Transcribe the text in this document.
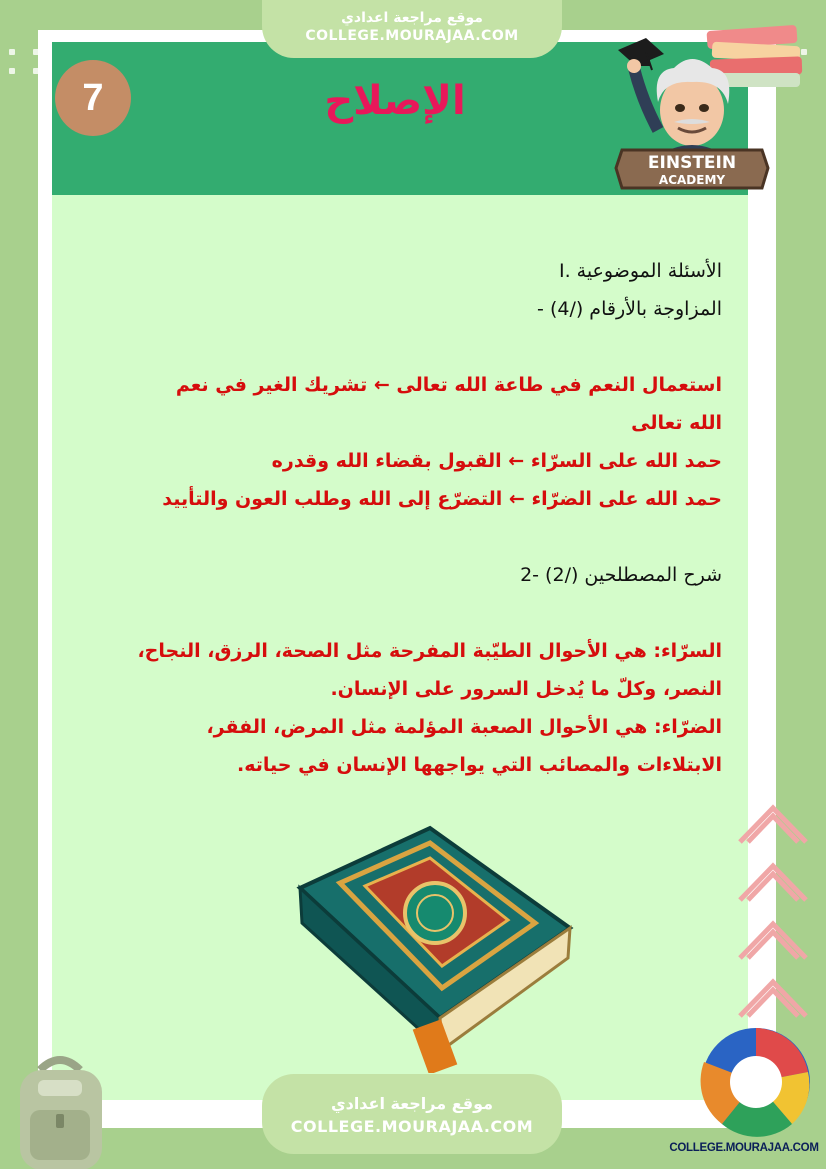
موقع مراجعة اعدادي
COLLEGE.MOURAJAA.COM
7	الإصلاح
EINSTEIN
ACADEMY
الأسئلة الموضوعية .I
المزاوجة بالأرقام (/4) -
استعمال النعم في طاعة الله تعالى ← تشريك الغير في نعم
الله تعالى
حمد الله على السرّاء ← القبول بقضاء الله وقدره
حمد الله على الضرّاء ← التضرّع إلى الله وطلب العون والتأييد
شرح المصطلحين (/2) -2
السرّاء: هي الأحوال الطيّبة المفرحة مثل الصحة، الرزق، النجاح،
النصر، وكلّ ما يُدخل السرور على الإنسان.
الضرّاء: هي الأحوال الصعبة المؤلمة مثل المرض، الفقر،
الابتلاءات والمصائب التي يواجهها الإنسان في حياته.
COLLEGE.MOURAJAA.COM
موقع مراجعة اعدادي
COLLEGE.MOURAJAA.COM
